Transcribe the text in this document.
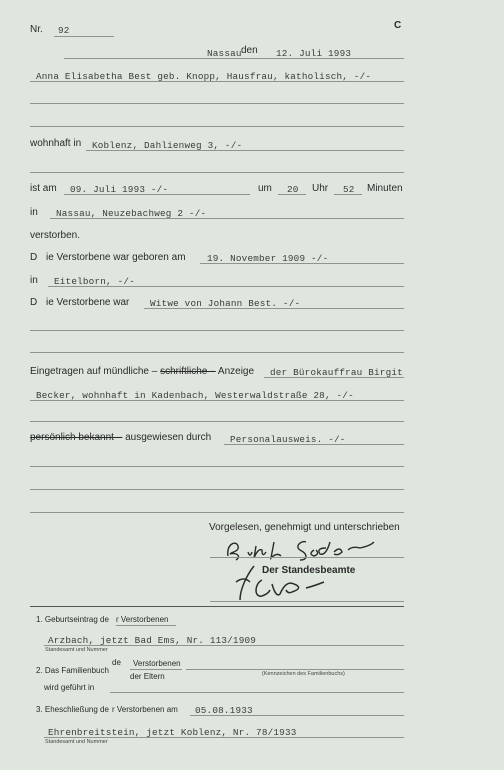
Nr. 92	C
Nassau den 12. Juli 1993
Anna Elisabetha Best geb. Knopp, Hausfrau, katholisch, -/-
wohnhaft in Koblenz, Dahlienweg 3, -/-
ist am 09. Juli 1993 -/-	um 20 Uhr 52 Minuten
in Nassau, Neuzebachweg 2 -/-
verstorben.
D ie Verstorbene war geboren am 19. November 1909 -/-
in Eitelborn, -/-
D ie Verstorbene war Witwe von Johann Best. -/-
Eingetragen auf mündliche – schriftliche – Anzeige der Bürokauffrau Birgit
Becker, wohnhaft in Kadenbach, Westerwaldstraße 28, -/-
persönlich bekannt – ausgewiesen durch Personalausweis. -/-
Vorgelesen, genehmigt und unterschrieben
Der Standesbeamte
1. Geburtseintrag de r Verstorbenen
Arzbach, jetzt Bad Ems, Nr. 113/1909
Standesamt und Nummer
de Verstorbenen
2. Das Familienbuch
der Eltern	(Kennzeichen des Familienbuchs)
wird geführt in
3. Eheschließung de r Verstorbenen am 05.08.1933
Ehrenbreitstein, jetzt Koblenz, Nr. 78/1933
Standesamt und Nummer
